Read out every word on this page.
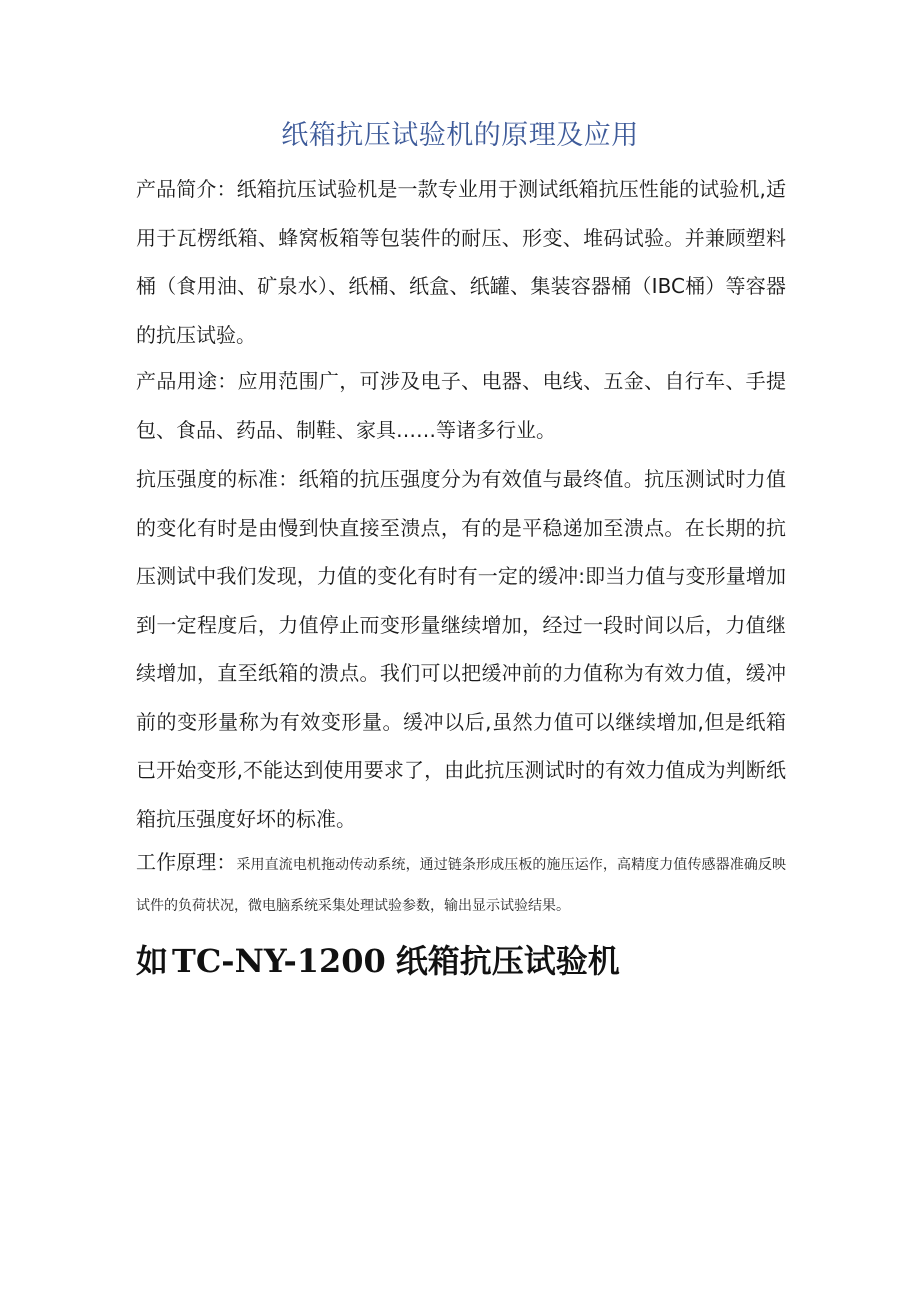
纸箱抗压试验机的原理及应用

产品简介：纸箱抗压试验机是一款专业用于测试纸箱抗压性能的试验机,适用于瓦楞纸箱、蜂窝板箱等包装件的耐压、形变、堆码试验。并兼顾塑料桶（食用油、矿泉水）、纸桶、纸盒、纸罐、集装容器桶（IBC桶）等容器的抗压试验。

产品用途：应用范围广，可涉及电子、电器、电线、五金、自行车、手提包、食品、药品、制鞋、家具……等诸多行业。

抗压强度的标准：纸箱的抗压强度分为有效值与最终值。抗压测试时力值的变化有时是由慢到快直接至溃点，有的是平稳递加至溃点。在长期的抗压测试中我们发现，力值的变化有时有一定的缓冲:即当力值与变形量增加到一定程度后，力值停止而变形量继续增加，经过一段时间以后，力值继续增加，直至纸箱的溃点。我们可以把缓冲前的力值称为有效力值，缓冲前的变形量称为有效变形量。缓冲以后,虽然力值可以继续增加,但是纸箱已开始变形,不能达到使用要求了，由此抗压测试时的有效力值成为判断纸箱抗压强度好坏的标准。

工作原理：采用直流电机拖动传动系统，通过链条形成压板的施压运作，高精度力值传感器准确反映试件的负荷状况，微电脑系统采集处理试验参数，输出显示试验结果。

如 TC-NY-1200 纸箱抗压试验机
